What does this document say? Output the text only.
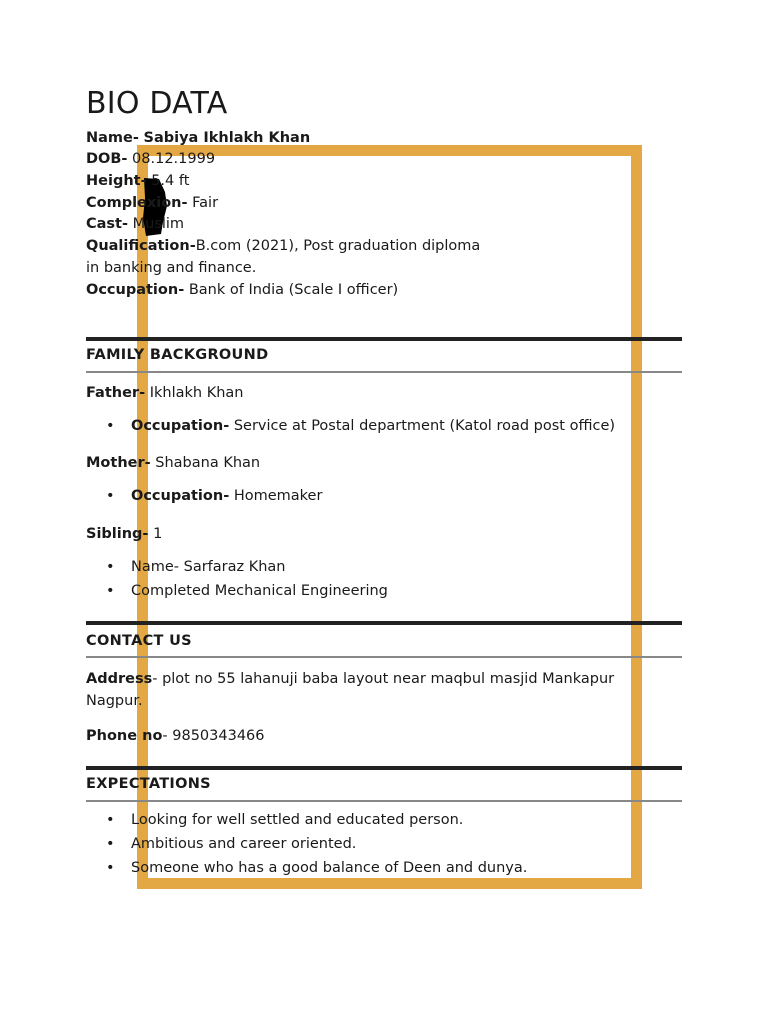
BIO DATA
Name- Sabiya Ikhlakh Khan
DOB- 08.12.1999
Height- 5.4 ft
Complexion- Fair
Cast- Muslim
Qualification-B.com (2021), Post graduation diploma
in banking and finance.
Occupation- Bank of India (Scale I officer)
FAMILY BACKGROUND
Father- Ikhlakh Khan
• Occupation- Service at Postal department (Katol road post office)
Mother- Shabana Khan
• Occupation- Homemaker
Sibling- 1
• Name- Sarfaraz Khan
• Completed Mechanical Engineering
CONTACT US
Address- plot no 55 lahanuji baba layout near maqbul masjid Mankapur
Nagpur.
Phone no- 9850343466
EXPECTATIONS
• Looking for well settled and educated person.
• Ambitious and career oriented.
• Someone who has a good balance of Deen and dunya.
